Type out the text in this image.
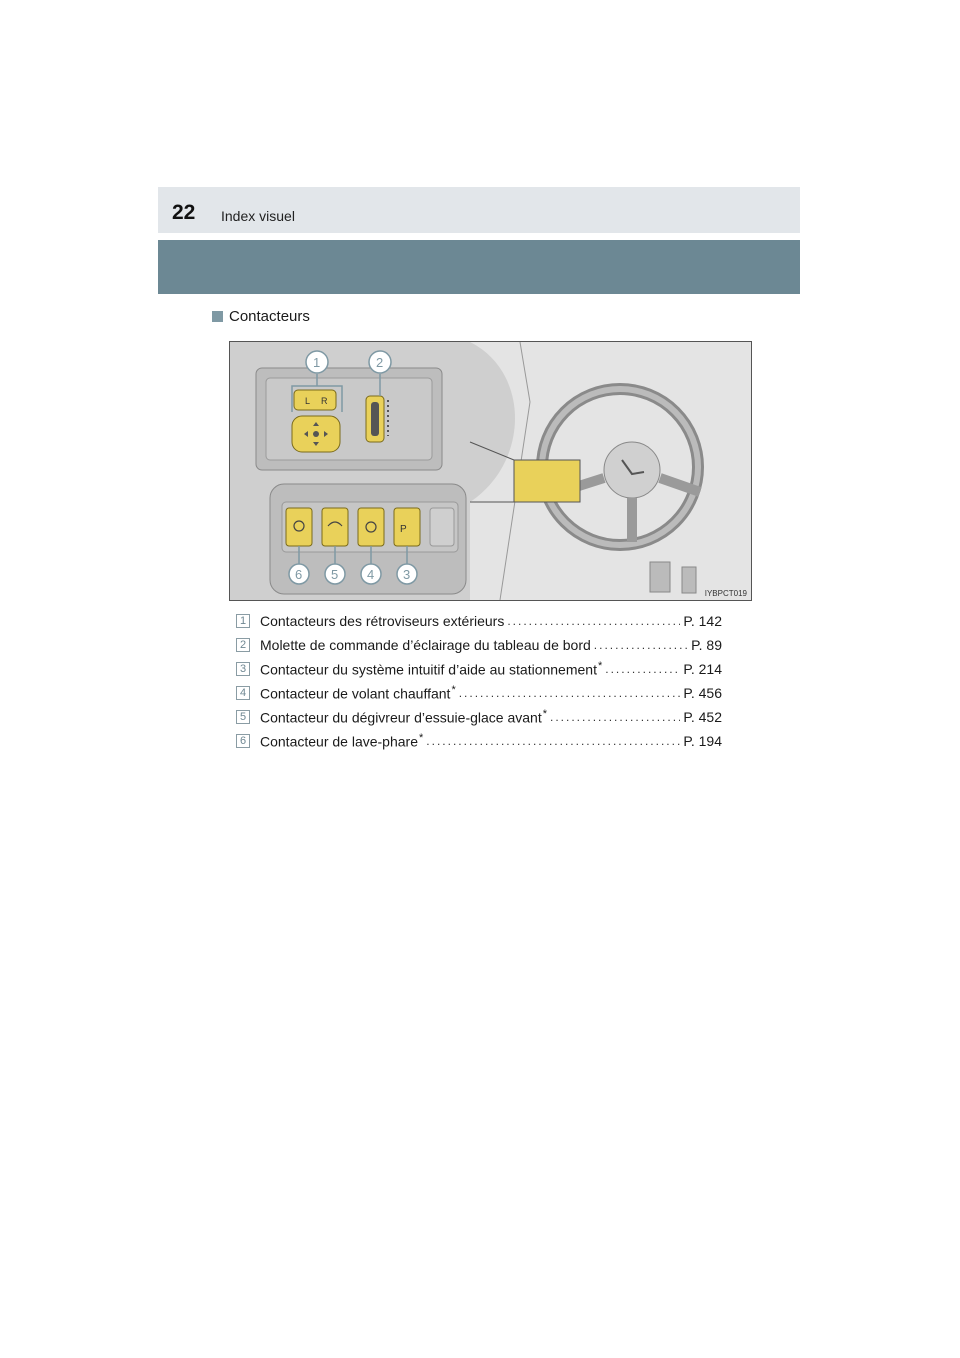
22 Index visuel
Contacteurs
L R
1	2
P
6 5 4 3
IYBPCT019
1 Contacteurs des rétroviseurs extérieurs .....	P. 142
2 Molette de commande d’éclairage du tableau de bord .....	P. 89
3 Contacteur du système intuitif d’aide au stationnement* .....	P. 214
4 Contacteur de volant chauffant* .....	P. 456
5 Contacteur du dégivreur d’essuie-glace avant* .....	P. 452
6 Contacteur de lave-phare* .....	P. 194
